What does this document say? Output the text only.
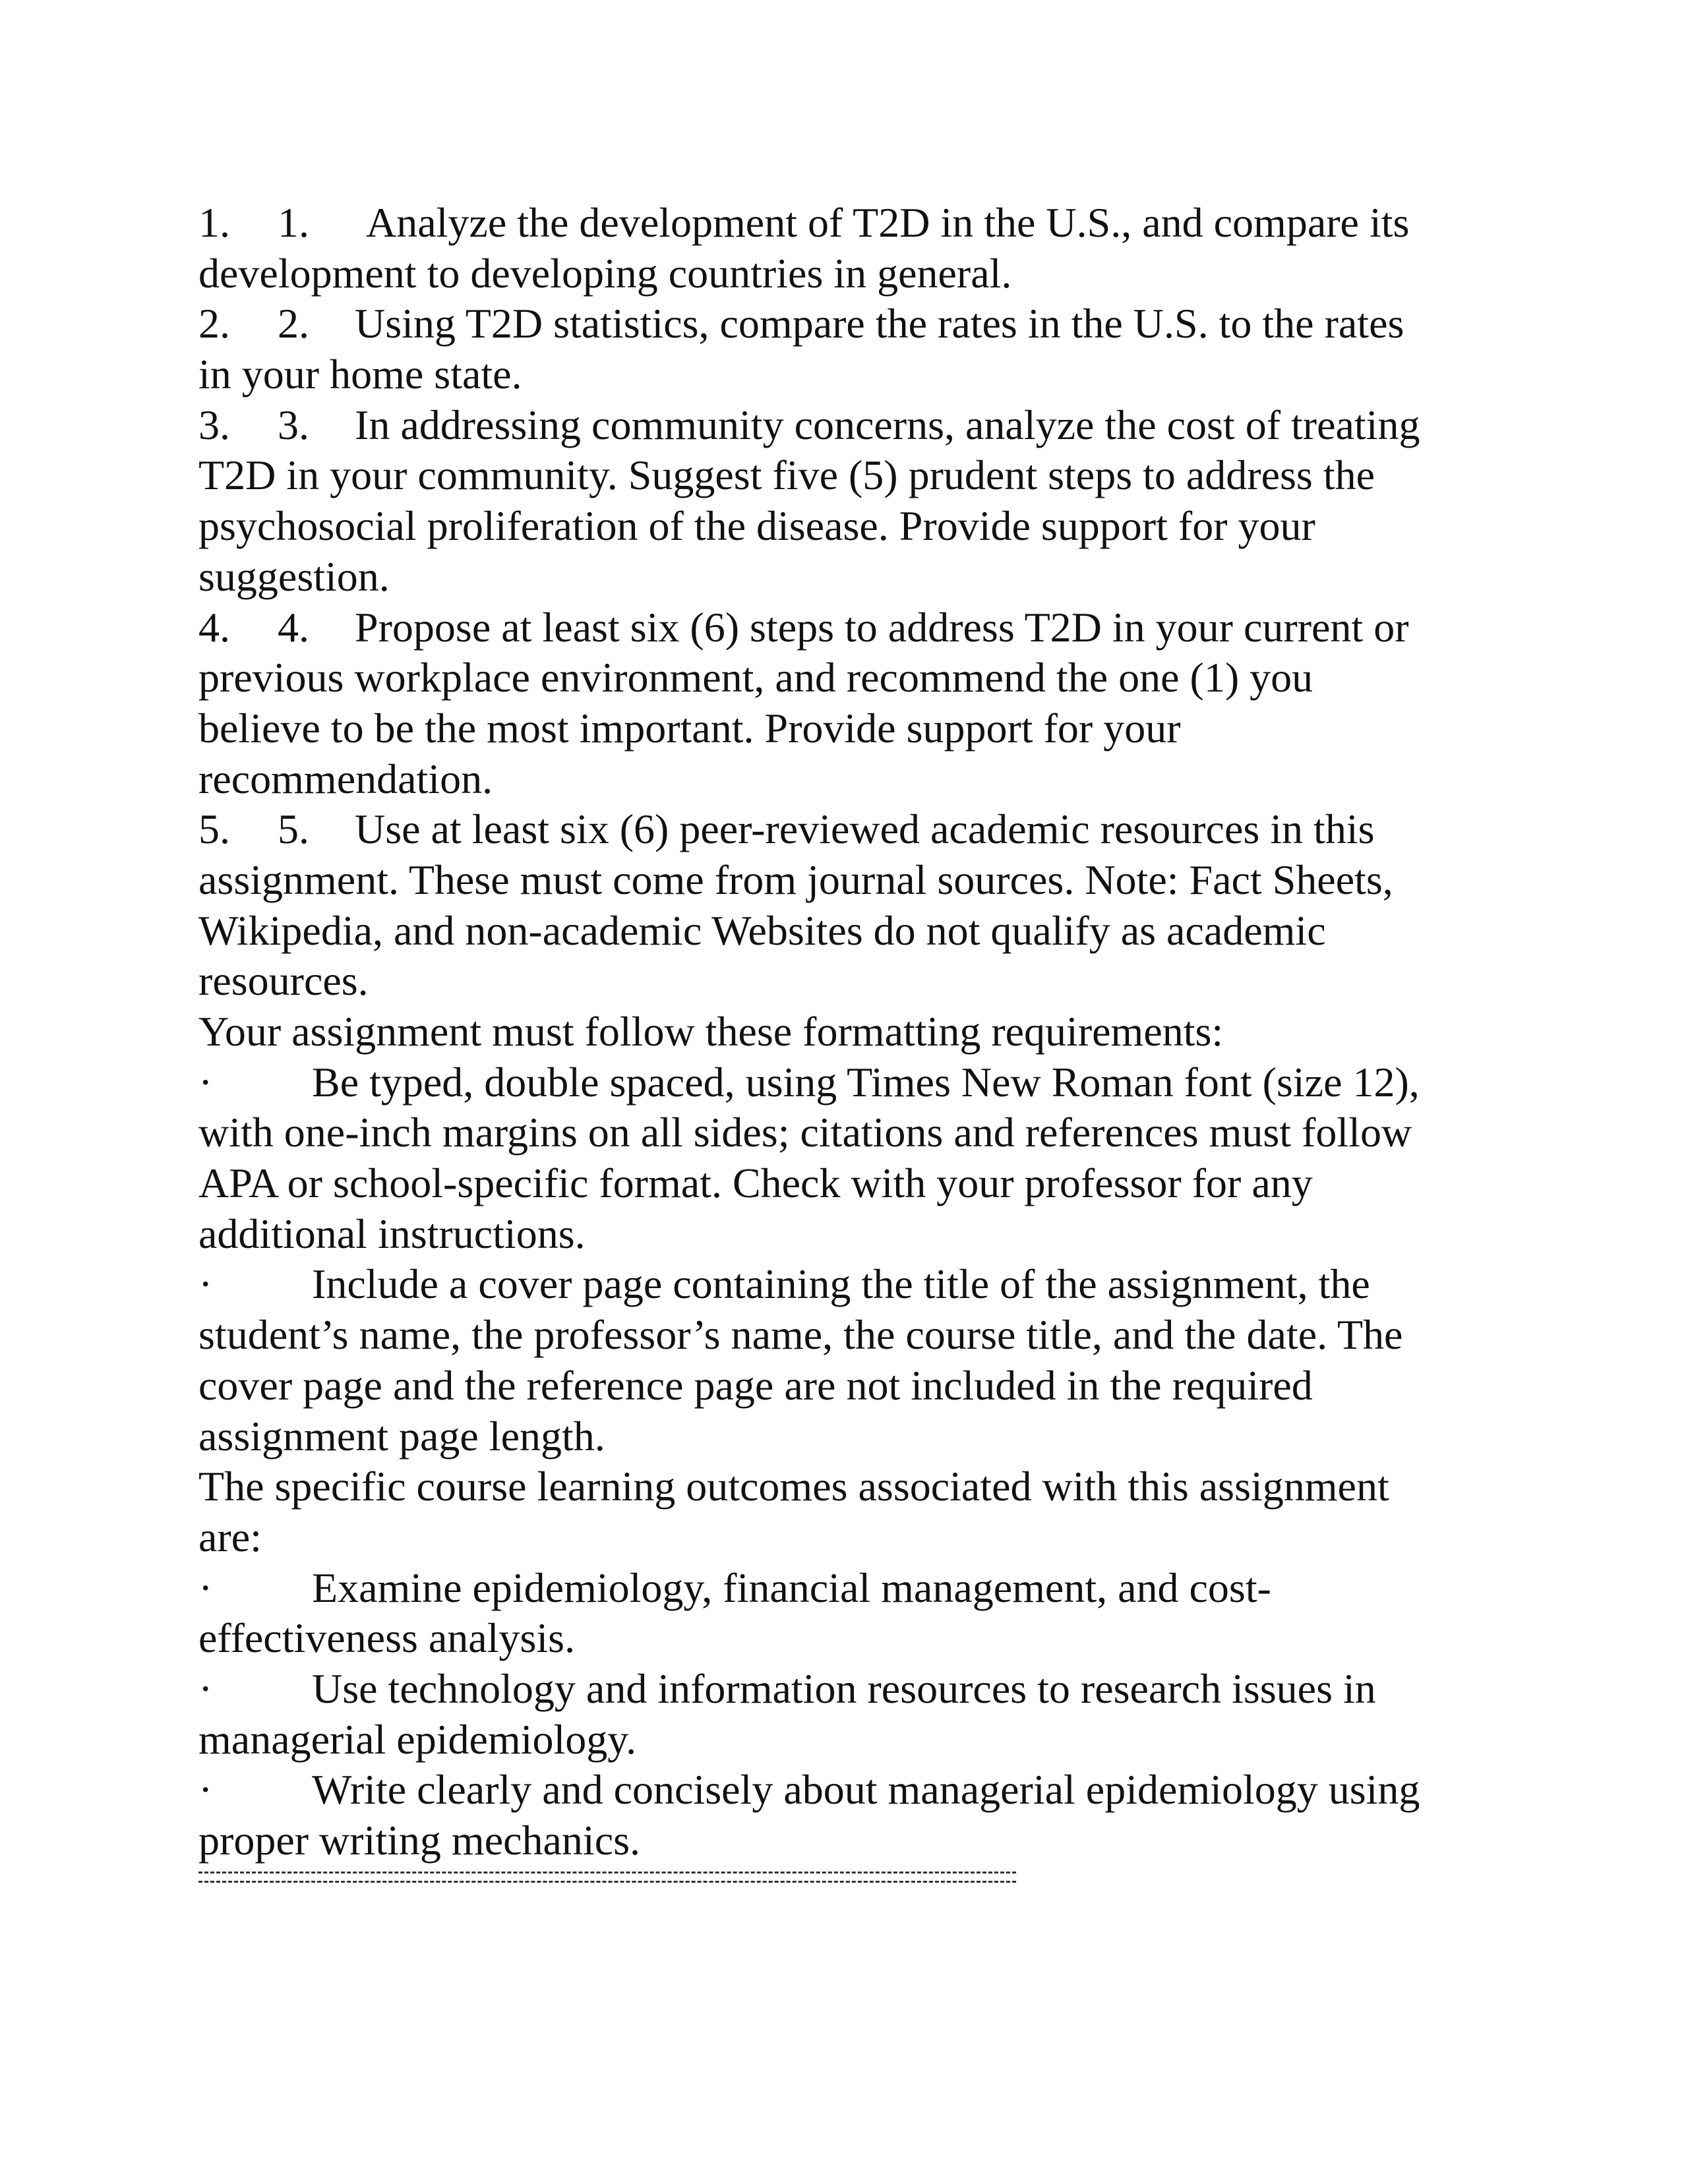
1. 1. Analyze the development of T2D in the U.S., and compare its
development to developing countries in general.
2. 2. Using T2D statistics, compare the rates in the U.S. to the rates
in your home state.
3. 3. In addressing community concerns, analyze the cost of treating
T2D in your community. Suggest five (5) prudent steps to address the
psychosocial proliferation of the disease. Provide support for your
suggestion.
4. 4. Propose at least six (6) steps to address T2D in your current or
previous workplace environment, and recommend the one (1) you
believe to be the most important. Provide support for your
recommendation.
5. 5. Use at least six (6) peer-reviewed academic resources in this
assignment. These must come from journal sources. Note: Fact Sheets,
Wikipedia, and non-academic Websites do not qualify as academic
resources.
Your assignment must follow these formatting requirements:
· Be typed, double spaced, using Times New Roman font (size 12),
with one-inch margins on all sides; citations and references must follow
APA or school-specific format. Check with your professor for any
additional instructions.
· Include a cover page containing the title of the assignment, the
student’s name, the professor’s name, the course title, and the date. The
cover page and the reference page are not included in the required
assignment page length.
The specific course learning outcomes associated with this assignment
are:
· Examine epidemiology, financial management, and cost-
effectiveness analysis.
· Use technology and information resources to research issues in
managerial epidemiology.
· Write clearly and concisely about managerial epidemiology using
proper writing mechanics.
